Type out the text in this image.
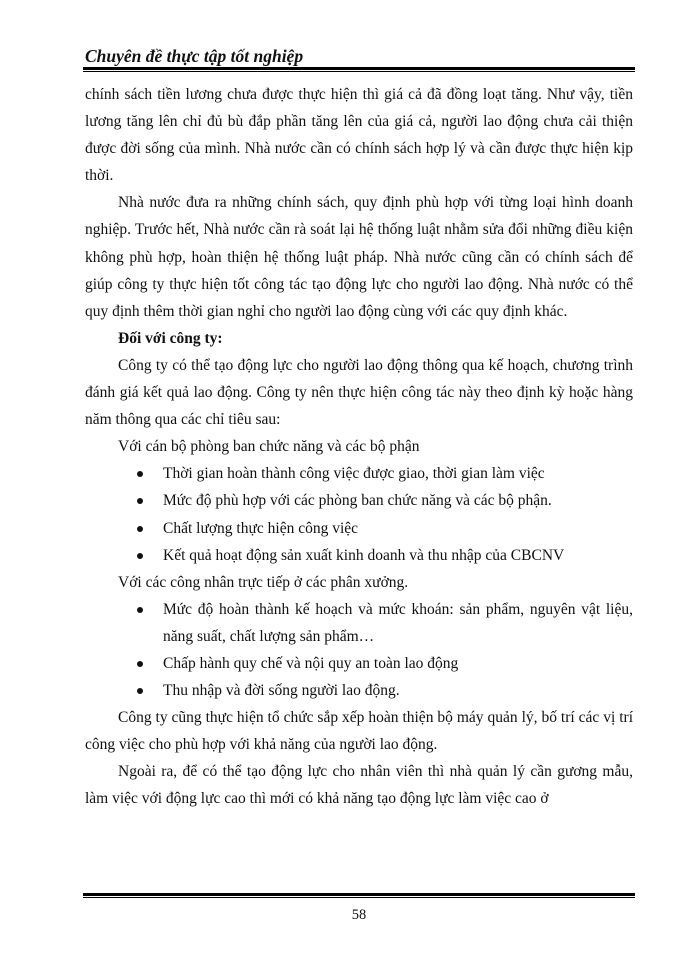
Chuyên đề thực tập tốt nghiệp

chính sách tiền lương chưa được thực hiện thì giá cả đã đồng loạt tăng. Như vậy, tiền lương tăng lên chỉ đủ bù đắp phần tăng lên của giá cả, người lao động chưa cải thiện được đời sống của mình. Nhà nước cần có chính sách hợp lý và cần được thực hiện kịp thời.

Nhà nước đưa ra những chính sách, quy định phù hợp với từng loại hình doanh nghiệp. Trước hết, Nhà nước cần rà soát lại hệ thống luật nhằm sửa đổi những điều kiện không phù hợp, hoàn thiện hệ thống luật pháp. Nhà nước cũng cần có chính sách để giúp công ty thực hiện tốt công tác tạo động lực cho người lao động. Nhà nước có thể quy định thêm thời gian nghỉ cho người lao động cùng với các quy định khác.

Đối với công ty:

Công ty có thể tạo động lực cho người lao động thông qua kế hoạch, chương trình đánh giá kết quả lao động. Công ty nên thực hiện công tác này theo định kỳ hoặc hàng năm thông qua các chỉ tiêu sau:

Với cán bộ phòng ban chức năng và các bộ phận

Thời gian hoàn thành công việc được giao, thời gian làm việc
Mức độ phù hợp với các phòng ban chức năng và các bộ phận.
Chất lượng thực hiện công việc
Kết quả hoạt động sản xuất kinh doanh và thu nhập của CBCNV

Với các công nhân trực tiếp ở các phân xưởng.

Mức độ hoàn thành kế hoạch và mức khoán: sản phẩm, nguyên vật liệu, năng suất, chất lượng sản phẩm…
Chấp hành quy chế và nội quy an toàn lao động
Thu nhập và đời sống người lao động.

Công ty cũng thực hiện tổ chức sắp xếp hoàn thiện bộ máy quản lý, bố trí các vị trí công việc cho phù hợp với khả năng của người lao động.

Ngoài ra, để có thể tạo động lực cho nhân viên thì nhà quản lý cần gương mẫu, làm việc với động lực cao thì mới có khả năng tạo động lực làm việc cao ở

58
